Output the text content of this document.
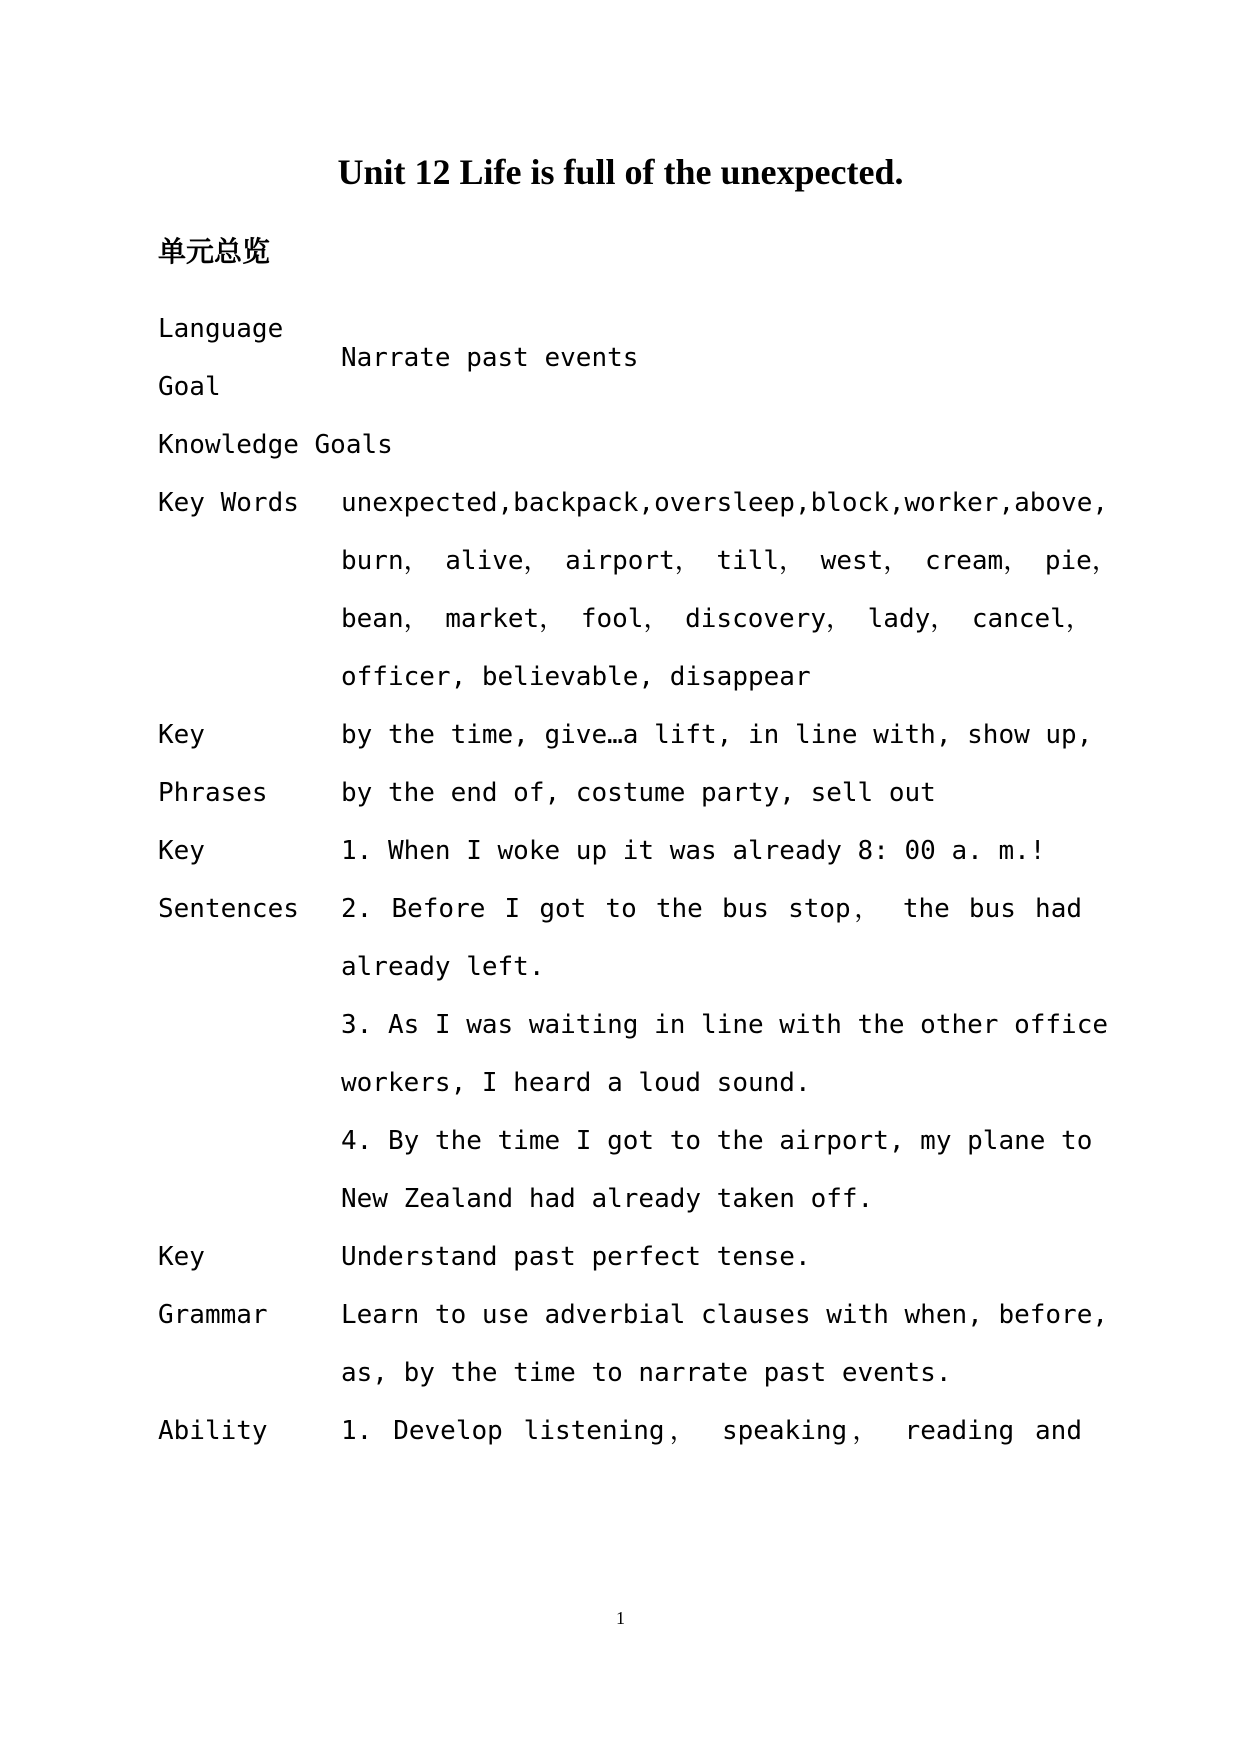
Unit 12 Life is full of the unexpected.
单元总览
Language
Goal
Narrate past events
Knowledge Goals
Key Words unexpected,backpack,oversleep,block,worker,above,
burn， alive， airport， till， west， cream， pie，
bean， market， fool， discovery， lady， cancel，
officer, believable, disappear
Key
Phrases
by the time, give…a lift, in line with, show up,
by the end of, costume party, sell out
Key
Sentences
1. When I woke up it was already 8: 00 a. m.!
2. Before I got to the bus stop， the bus had
already left.
3. As I was waiting in line with the other office
workers, I heard a loud sound.
4. By the time I got to the airport, my plane to
New Zealand had already taken off.
Key
Grammar
Understand past perfect tense.
Learn to use adverbial clauses with when, before,
as, by the time to narrate past events.
Ability	1. Develop listening， speaking， reading and
1
